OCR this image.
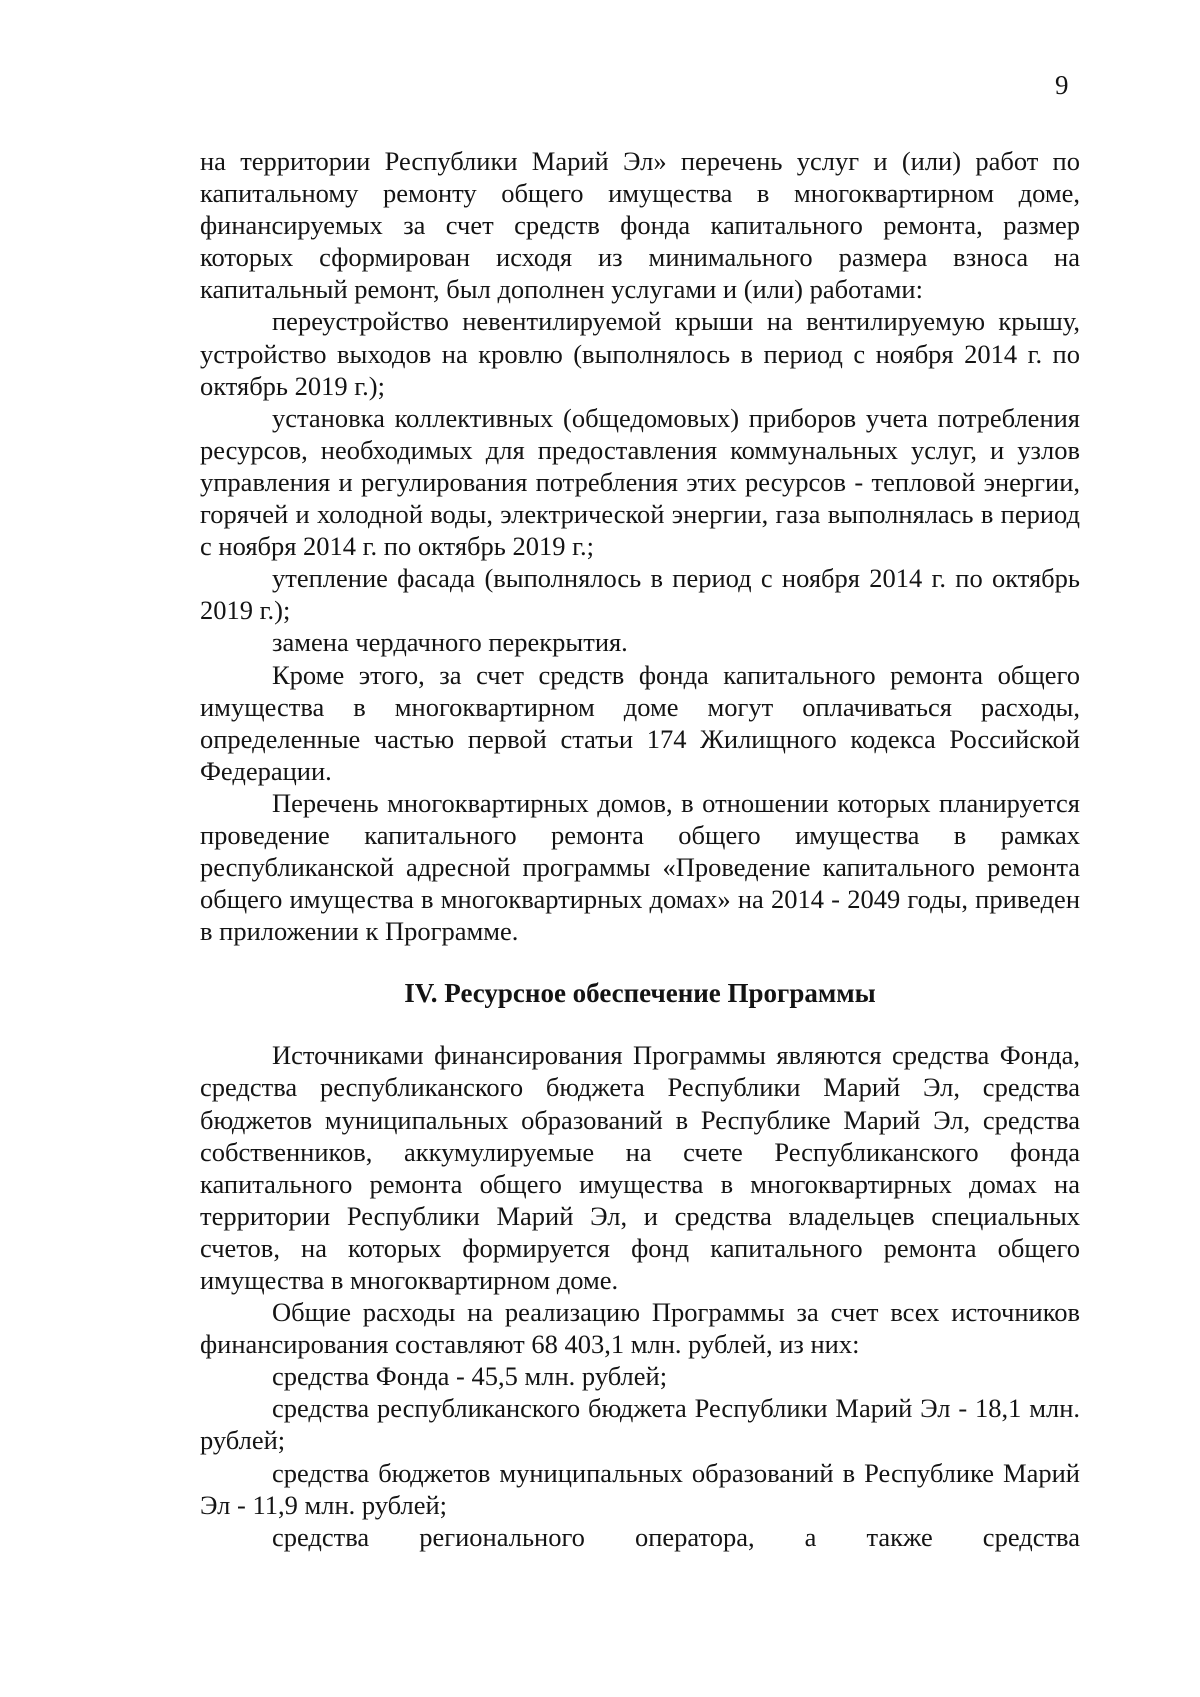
9

на территории Республики Марий Эл» перечень услуг и (или) работ по капитальному ремонту общего имущества в многоквартирном доме, финансируемых за счет средств фонда капитального ремонта, размер которых сформирован исходя из минимального размера взноса на капитальный ремонт, был дополнен услугами и (или) работами:

переустройство невентилируемой крыши на вентилируемую крышу, устройство выходов на кровлю (выполнялось в период с ноября 2014 г. по октябрь 2019 г.);

установка коллективных (общедомовых) приборов учета потребления ресурсов, необходимых для предоставления коммунальных услуг, и узлов управления и регулирования потребления этих ресурсов - тепловой энергии, горячей и холодной воды, электрической энергии, газа выполнялась в период с ноября 2014 г. по октябрь 2019 г.;

утепление фасада (выполнялось в период с ноября 2014 г. по октябрь 2019 г.);

замена чердачного перекрытия.

Кроме этого, за счет средств фонда капитального ремонта общего имущества в многоквартирном доме могут оплачиваться расходы, определенные частью первой статьи 174 Жилищного кодекса Российской Федерации.

Перечень многоквартирных домов, в отношении которых планируется проведение капитального ремонта общего имущества в рамках республиканской адресной программы «Проведение капитального ремонта общего имущества в многоквартирных домах» на 2014 - 2049 годы, приведен в приложении к Программе.

IV. Ресурсное обеспечение Программы

Источниками финансирования Программы являются средства Фонда, средства республиканского бюджета Республики Марий Эл, средства бюджетов муниципальных образований в Республике Марий Эл, средства собственников, аккумулируемые на счете Республиканского фонда капитального ремонта общего имущества в многоквартирных домах на территории Республики Марий Эл, и средства владельцев специальных счетов, на которых формируется фонд капитального ремонта общего имущества в многоквартирном доме.

Общие расходы на реализацию Программы за счет всех источников финансирования составляют 68 403,1 млн. рублей, из них:

средства Фонда - 45,5 млн. рублей;

средства республиканского бюджета Республики Марий Эл - 18,1 млн. рублей;

средства бюджетов муниципальных образований в Республике Марий Эл - 11,9 млн. рублей;

средства регионального оператора, а также средства
